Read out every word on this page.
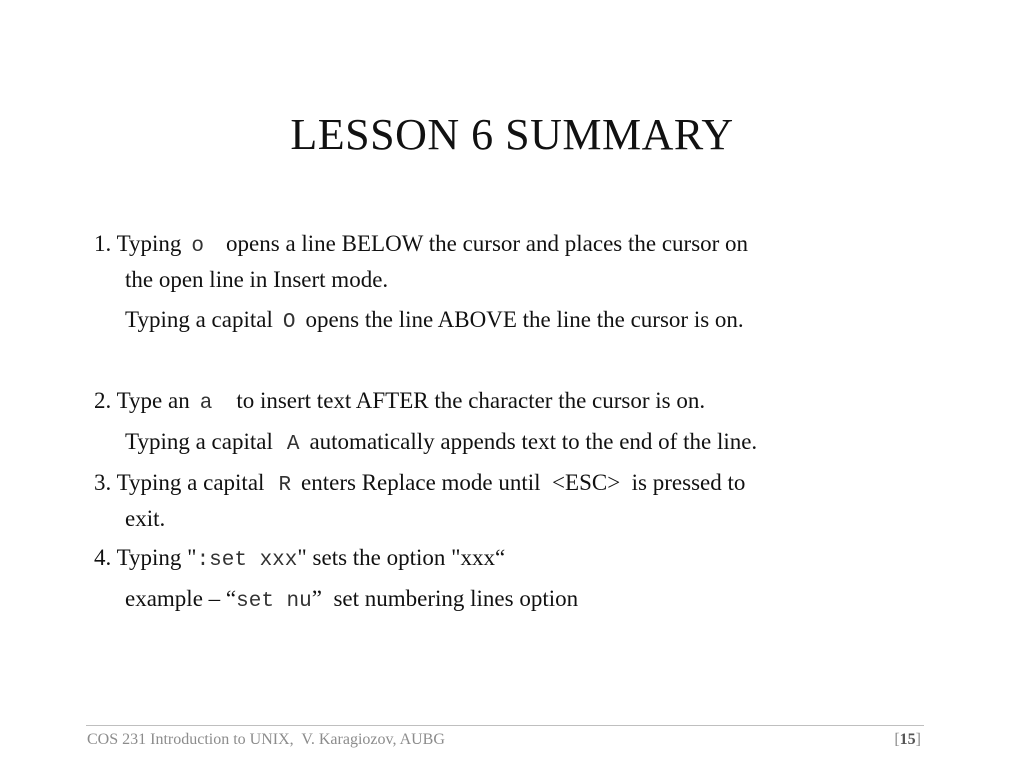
LESSON 6 SUMMARY
1. Typing o opens a line BELOW the cursor and places the cursor on
the open line in Insert mode.
Typing a capital O opens the line ABOVE the line the cursor is on.
2. Type an a to insert text AFTER the character the cursor is on.
Typing a capital A automatically appends text to the end of the line.
3. Typing a capital R enters Replace mode until  <ESC>  is pressed to
exit.
4. Typing ":set xxx" sets the option "xxx“
example – “set nu”  set numbering lines option
COS 231 Introduction to UNIX,  V. Karagiozov, AUBG	[15]
